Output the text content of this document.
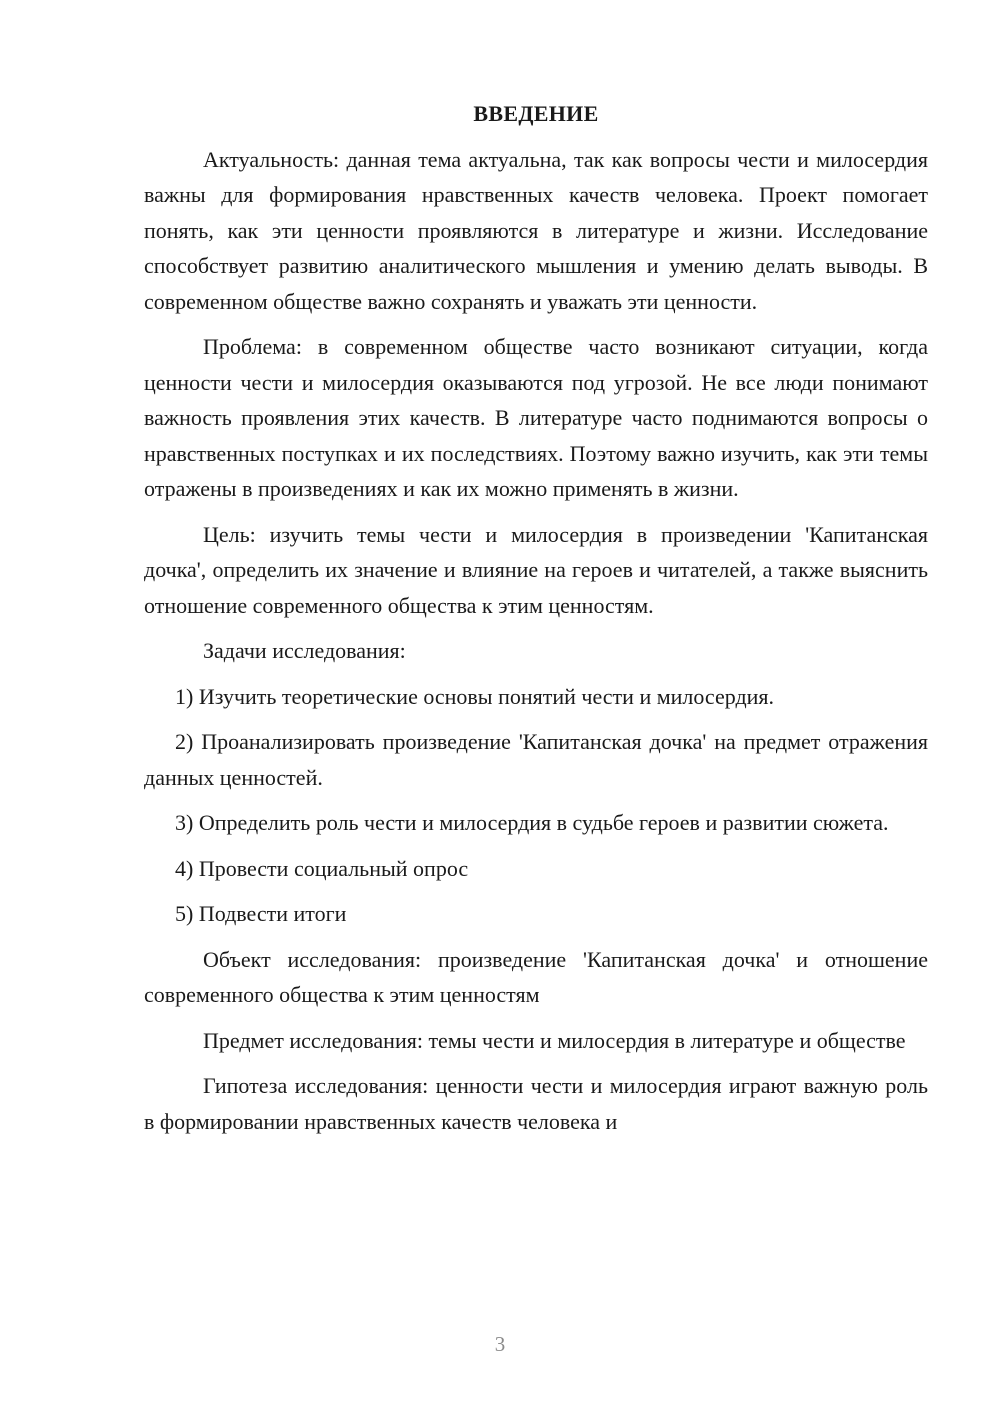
ВВЕДЕНИЕ

Актуальность: данная тема актуальна, так как вопросы чести и милосердия важны для формирования нравственных качеств человека. Проект помогает понять, как эти ценности проявляются в литературе и жизни. Исследование способствует развитию аналитического мышления и умению делать выводы. В современном обществе важно сохранять и уважать эти ценности.

Проблема: в современном обществе часто возникают ситуации, когда ценности чести и милосердия оказываются под угрозой. Не все люди понимают важность проявления этих качеств. В литературе часто поднимаются вопросы о нравственных поступках и их последствиях. Поэтому важно изучить, как эти темы отражены в произведениях и как их можно применять в жизни.

Цель: изучить темы чести и милосердия в произведении 'Капитанская дочка', определить их значение и влияние на героев и читателей, а также выяснить отношение современного общества к этим ценностям.

Задачи исследования:

1) Изучить теоретические основы понятий чести и милосердия.

2) Проанализировать произведение 'Капитанская дочка' на предмет отражения данных ценностей.

3) Определить роль чести и милосердия в судьбе героев и развитии сюжета.

4) Провести социальный опрос

5) Подвести итоги

Объект исследования: произведение 'Капитанская дочка' и отношение современного общества к этим ценностям

Предмет исследования: темы чести и милосердия в литературе и обществе

Гипотеза исследования: ценности чести и милосердия играют важную роль в формировании нравственных качеств человека и

3
